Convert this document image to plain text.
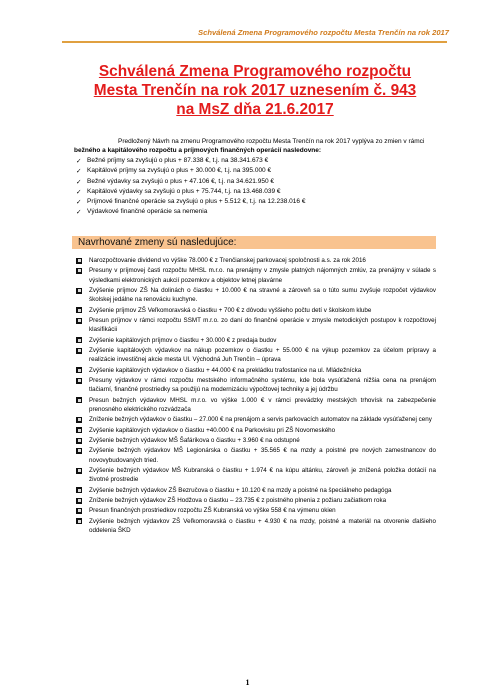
Schválená Zmena Programového rozpočtu Mesta Trenčín na rok 2017
Schválená Zmena Programového rozpočtu
Mesta Trenčín na rok 2017 uznesením č. 943
na MsZ dňa 21.6.2017

Predložený Návrh na zmenu Programového rozpočtu Mesta Trenčín na rok 2017 vyplýva zo zmien v rámci bežného a kapitálového rozpočtu a príjmových finančných operácií nasledovne:

✓ Bežné príjmy sa zvyšujú o plus + 87.338 €, t.j. na 38.341.673 €
✓ Kapitálové príjmy sa zvyšujú o plus + 30.000 €, t.j. na 395.000 €
✓ Bežné výdavky sa zvyšujú o plus + 47.106 €, t.j. na 34.621.950 €
✓ Kapitálové výdavky sa zvyšujú o plus + 75.744, t.j. na 13.468.039 €
✓ Príjmové finančné operácie sa zvyšujú o plus + 5.512 €, t.j. na 12.238.016 €
✓ Výdavkové finančné operácie sa nemenia
Navrhované zmeny sú nasledujúce:
Narozpočtovanie dividend vo výške 78.000 € z Trenčianskej parkovacej spoločnosti a.s. za rok 2016
Presuny v príjmovej časti rozpočtu MHSL m.r.o. na prenájmy v zmysle platných nájomných zmlúv, za prenájmy v súlade s výsledkami elektronických aukcií pozemkov a objektov letnej plavárne
Zvýšenie príjmov ZŠ Na dolinách o čiastku + 10.000 € na stravné a zároveň sa o túto sumu zvyšuje rozpočet výdavkov školskej jedálne na renováciu kuchyne.
Zvýšenie príjmov ZŠ Veľkomoravská o čiastku + 700 € z dôvodu vyššieho počtu detí v školskom klube
Presun príjmov v rámci rozpočtu SSMT m.r.o. zo daní do finančné operácie v zmysle metodických postupov k rozpočtovej klasifikácii
Zvýšenie kapitálových príjmov o čiastku + 30.000 € z predaja budov
Zvýšenie kapitálových výdavkov na nákup pozemkov o čiastku + 55.000 € na výkup pozemkov za účelom prípravy a realizácie investičnej akcie mesta Ul. Východná Juh Trenčín – úprava
Zvýšenie kapitálových výdavkov o čiastku + 44.000 € na prekládku trafostanice na ul. Mládežnícka
Presuny výdavkov v rámci rozpočtu mestského informačného systému, kde bola vysúťažená nižšia cena na prenájom tlačiarní, finančné prostriedky sa použijú na modernizáciu výpočtovej techniky a jej údržbu
Presun bežných výdavkov MHSL m.r.o. vo výške 1.000 € v rámci prevádzky mestských trhovísk na zabezpečenie prenosného elektrického rozvádzača
Zníženie bežných výdavkov o čiastku – 27.000 € na prenájom a servis parkovacích automatov na základe vysúťaženej ceny
Zvýšenie kapitálových výdavkov o čiastku +40.000 € na Parkovisku pri ZŠ Novomeského
Zvýšenie bežných výdavkov MŠ Šafárikova o čiastku + 3.960 € na odstupné
Zvýšenie bežných výdavkov MŠ Legionárska o čiastku + 35.565 € na mzdy a poistné pre nových zamestnancov do novovybudovaných tried.
Zvýšenie bežných výdavkov MŠ Kubranská o čiastku + 1.974 € na kúpu altánku, zároveň je znížená položka dotácií na životné prostredie
Zvýšenie bežných výdavkov ZŠ Bezručova o čiastku + 10.120 € na mzdy a poistné na špeciálneho pedagóga
Zníženie bežných výdavkov ZŠ Hodžova o čiastku – 23.735 € z poistného plnenia z požiaru začiatkom roka
Presun finančných prostriedkov rozpočtu ZŠ Kubranská vo výške 558 € na výmenu okien
Zvýšenie bežných výdavkov ZŠ Veľkomoravská o čiastku + 4.930 € na mzdy, poistné a materiál na otvorenie ďalšieho oddelenia ŠKD
1
